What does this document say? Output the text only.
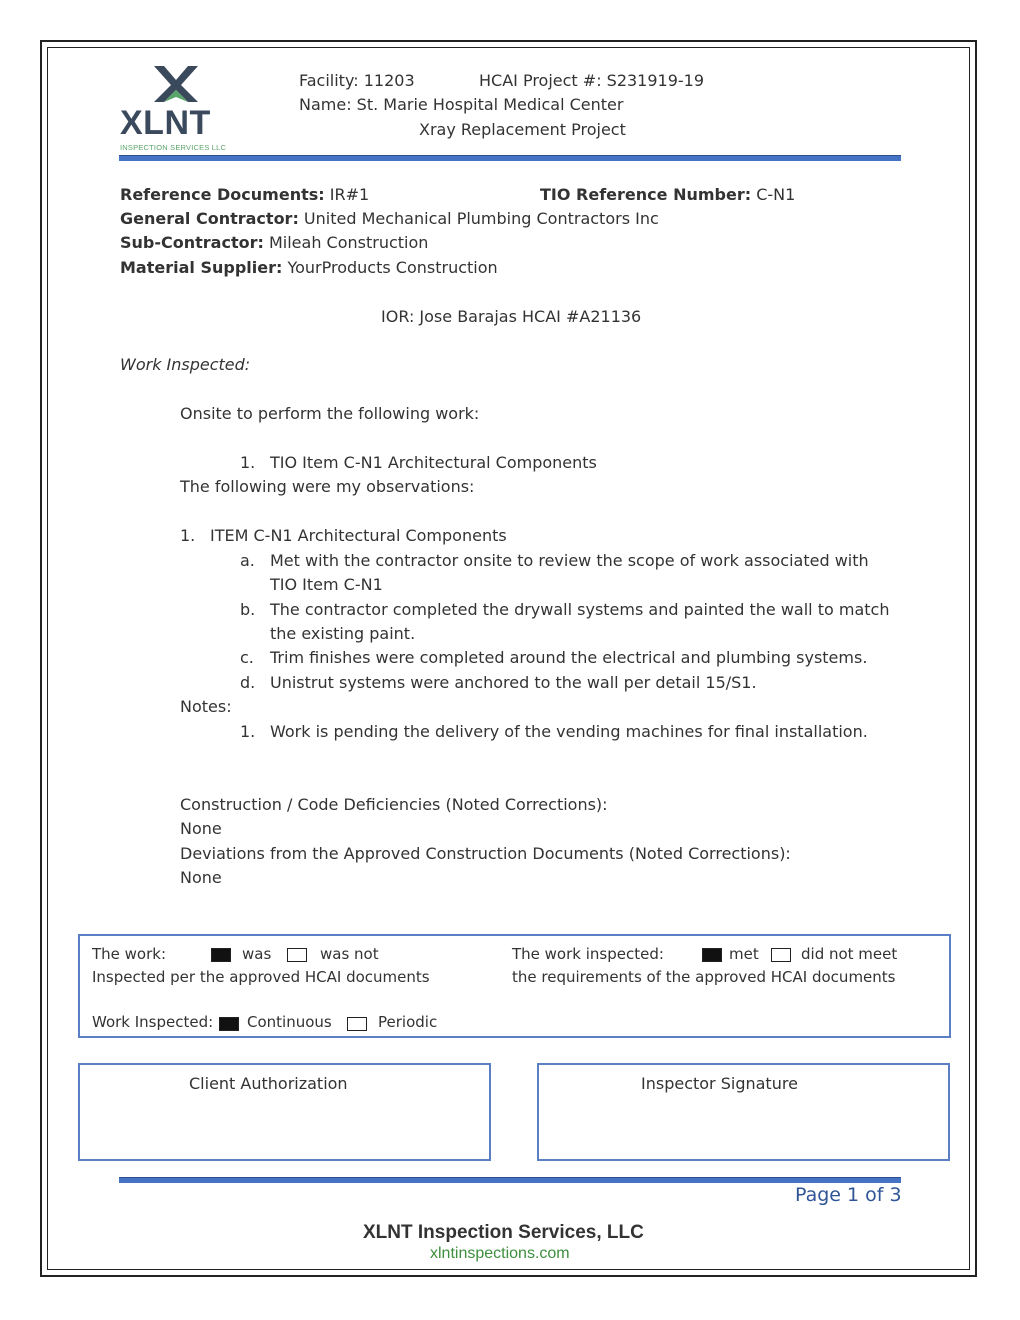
XLNT
INSPECTION SERVICES LLC
Facility: 11203	HCAI Project #: S231919-19
Name: St. Marie Hospital Medical Center
Xray Replacement Project
Reference Documents: IR#1	TIO Reference Number: C-N1
General Contractor: United Mechanical Plumbing Contractors Inc
Sub-Contractor: Mileah Construction
Material Supplier: YourProducts Construction
IOR: Jose Barajas HCAI #A21136
Work Inspected:
Onsite to perform the following work:
1. TIO Item C-N1 Architectural Components
The following were my observations:
1. ITEM C-N1 Architectural Components
a. Met with the contractor onsite to review the scope of work associated with
TIO Item C-N1
b. The contractor completed the drywall systems and painted the wall to match
the existing paint.
c. Trim finishes were completed around the electrical and plumbing systems.
d. Unistrut systems were anchored to the wall per detail 15/S1.
Notes:
1. Work is pending the delivery of the vending machines for final installation.
Construction / Code Deficiencies (Noted Corrections):
None
Deviations from the Approved Construction Documents (Noted Corrections):
None
The work:	was	was not
Inspected per the approved HCAI documents
The work inspected:	met	did not meet
the requirements of the approved HCAI documents
Work Inspected: Continuous	Periodic
Client Authorization	Inspector Signature
Page 1 of 3
XLNT Inspection Services, LLC
xlntinspections.com
